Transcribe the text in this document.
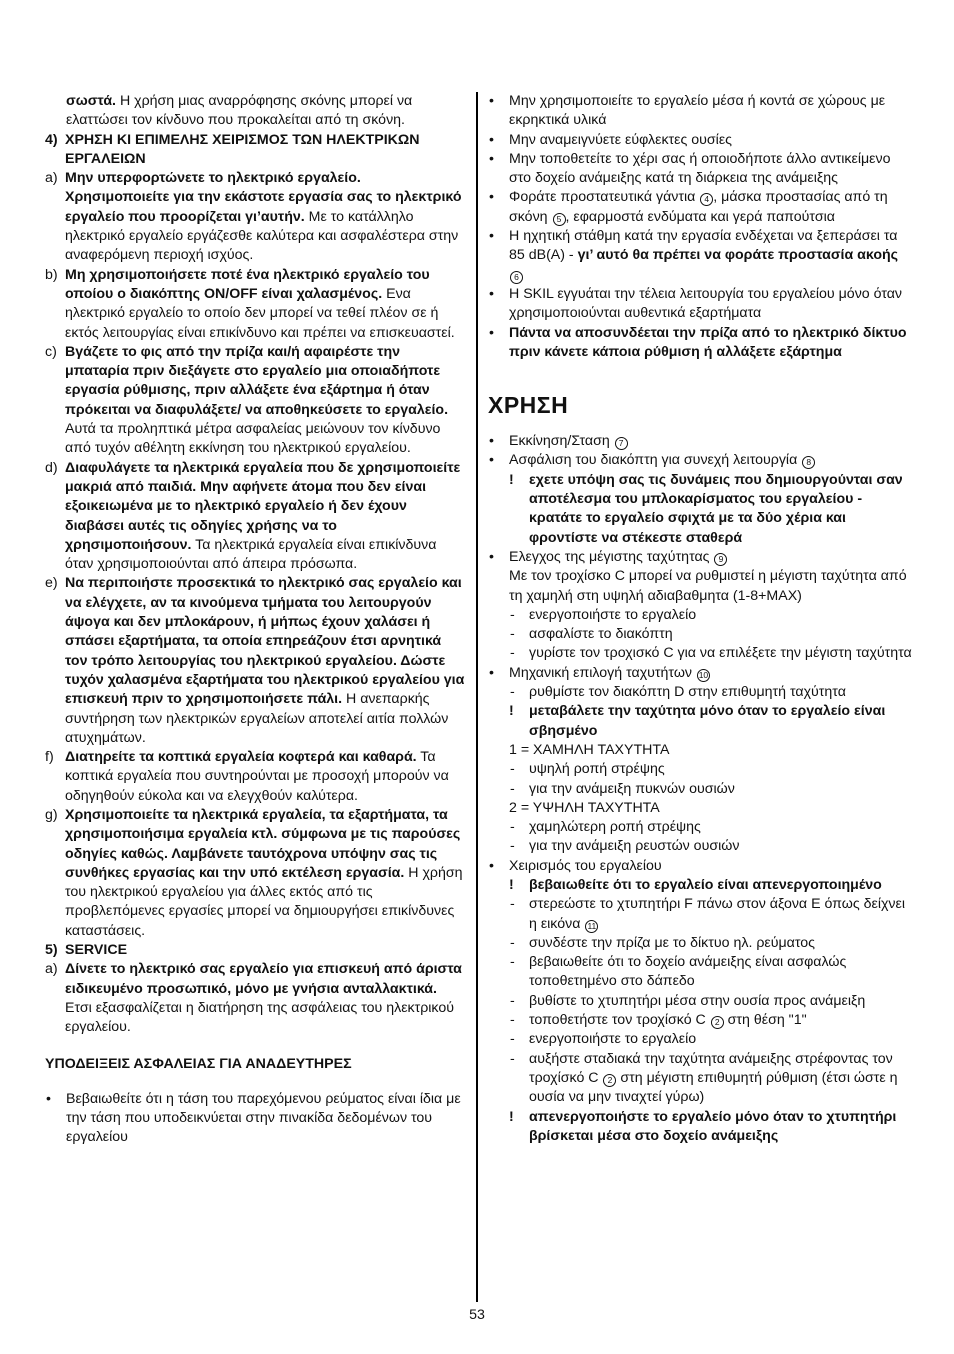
σωστά. Η χρήση μιας αναρρόφησης σκόνης μπορεί να ελαττώσει τον κίνδυνο που προκαλείται από τη σκόνη.
4) ΧΡΗΣΗ ΚΙ ΕΠΙΜΕΛΗΣ ΧΕΙΡΙΣΜΟΣ ΤΩΝ ΗΛΕΚΤΡΙΚΩΝ ΕΡΓΑΛΕΙΩΝ
a) Μην υπερφορτώνετε το ηλεκτρικό εργαλείο. Χρησιμοποιείτε για την εκάστοτε εργασία σας το ηλεκτρικό εργαλείο που προορίζεται γι’αυτήν. Με το κατάλληλο ηλεκτρικό εργαλείο εργάζεσθε καλύτερα και ασφαλέστερα στην αναφερόμενη περιοχή ισχύος.
b) Μη χρησιμοποιήσετε ποτέ ένα ηλεκτρικό εργαλείο του οποίου ο διακόπτης ON/OFF είναι χαλασμένος. Ενα ηλεκτρικό εργαλείο το οποίο δεν μπορεί να τεθεί πλέον σε ή εκτός λειτουργίας είναι επικίνδυνο και πρέπει να επισκευαστεί.
c) Βγάζετε το φις από την πρίζα και/ή αφαιρέστε την μπαταρία πριν διεξάγετε στο εργαλείο μια οποιαδήποτε εργασία ρύθμισης, πριν αλλάξετε ένα εξάρτημα ή όταν πρόκειται να διαφυλάξετε/ να αποθηκεύσετε το εργαλείο. Αυτά τα προληπτικά μέτρα ασφαλείας μειώνουν τον κίνδυνο από τυχόν αθέλητη εκκίνηση του ηλεκτρικού εργαλείου.
d) Διαφυλάγετε τα ηλεκτρικά εργαλεία που δε χρησιμοποιείτε μακριά από παιδιά. Μην αφήνετε άτομα που δεν είναι εξοικειωμένα με το ηλεκτρικό εργαλείο ή δεν έχουν διαβάσει αυτές τις οδηγίες χρήσης να το χρησιμοποιήσουν. Τα ηλεκτρικά εργαλεία είναι επικίνδυνα όταν χρησιμοποιούνται από άπειρα πρόσωπα.
e) Να περιποιήστε προσεκτικά το ηλεκτρικό σας εργαλείο και να ελέγχετε, αν τα κινούμενα τμήματα του λειτουργούν άψογα και δεν μπλοκάρουν, ή μήπως έχουν χαλάσει ή σπάσει εξαρτήματα, τα οποία επηρεάζουν έτσι αρνητικά τον τρόπο λειτουργίας του ηλεκτρικού εργαλείου. Δώστε τυχόν χαλασμένα εξαρτήματα του ηλεκτρικού εργαλείου για επισκευή πριν το χρησιμοποιήσετε πάλι. Η ανεπαρκής συντήρηση των ηλεκτρικών εργαλείων αποτελεί αιτία πολλών ατυχημάτων.
f) Διατηρείτε τα κοπτικά εργαλεία κοφτερά και καθαρά. Τα κοπτικά εργαλεία που συντηρούνται με προσοχή μπορούν να οδηγηθούν εύκολα και να ελεγχθούν καλύτερα.
g) Χρησιμοποιείτε τα ηλεκτρικά εργαλεία, τα εξαρτήματα, τα χρησιμοποιήσιμα εργαλεία κτλ. σύμφωνα με τις παρούσες οδηγίες καθώς. Λαμβάνετε ταυτόχρονα υπόψην σας τις συνθήκες εργασίας και την υπό εκτέλεση εργασία. Η χρήση του ηλεκτρικού εργαλείου για άλλες εκτός από τις προβλεπόμενες εργασίες μπορεί να δημιουργήσει επικίνδυνες καταστάσεις.
5) SERVICE
a) Δίνετε το ηλεκτρικό σας εργαλείο για επισκευή από άριστα ειδικευμένο προσωπικό, μόνο με γνήσια ανταλλακτικά. Ετσι εξασφαλίζεται η διατήρηση της ασφάλειας του ηλεκτρικού εργαλείου.
ΥΠΟΔΕΙΞΕΙΣ ΑΣΦΑΛΕΙΑΣ ΓΙΑ ΑΝΑΔΕΥΤΗΡΕΣ
• Βεβαιωθείτε ότι η τάση του παρεχόμενου ρεύματος είναι ίδια με την τάση που υποδεικνύεται στην πινακίδα δεδομένων του εργαλείου
• Μην χρησιμοποιείτε το εργαλείο μέσα ή κοντά σε χώρους με εκρηκτικά υλικά
• Μην αναμειγνύετε εύφλεκτες ουσίες
• Μην τοποθετείτε το χέρι σας ή οποιοδήποτε άλλο αντικείμενο στο δοχείο ανάμειξης κατά τη διάρκεια της ανάμειξης
• Φοράτε προστατευτικά γάντια 4 , μάσκα προστασίας από τη σκόνη 5 , εφαρμοστά ενδύματα και γερά παπούτσια
• Η ηχητική στάθμη κατά την εργασία ενδέχεται να ξεπεράσει τα 85 dB(A) - γι’ αυτό θα πρέπει να φοράτε προστασία ακοής 6
• Η SKIL εγγυάται την τέλεια λειτουργία του εργαλείου μόνο όταν χρησιμοποιούνται αυθεντικά εξαρτήματα
• Πάντα να αποσυνδέεται την πρίζα από το ηλεκτρικό δίκτυο πριν κάνετε κάποια ρύθμιση ή αλλάξετε εξάρτημα
ΧΡΗΣΗ
• Εκκίνηση/Σταση 7
• Ασφάλιση του διακόπτη για συνεχή λειτουργία 8
! εχετε υπόψη σας τις δυνάμεις που δημιουργούνται σαν αποτέλεσμα του μπλοκαρίσματος του εργαλείου - κρατάτε το εργαλείο σφιχτά με τα δύο χέρια και φροντίστε να στέκεστε σταθερά
• Ελεγχος της μέγιστης ταχύτητας 9
Με τον τροχίσκο C μπορεί να ρυθμιστεί η μέγιστη ταχύτητα από τη χαμηλή στη υψηλή αδιαβαθμητα (1-8+MAX)
- ενεργοποιήστε το εργαλείο
- ασφαλίστε το διακόπτη
- γυρίστε τον τροχισκό C για να επιλέξετε την μέγιστη ταχύτητα
• Μηχανική επιλογή ταχυτήτων 10
- ρυθμίστε τον διακόπτη D στην επιθυμητή ταχύτητα
! μεταβάλετε την ταχύτητα μόνο όταν το εργαλείο είναι σβησμένο
1 = ΧΑΜΗΛΗ ΤΑΧΥΤΗΤΑ
- υψηλή ροπή στρέψης
- για την ανάμειξη πυκνών ουσιών
2 = ΥΨΗΛΗ ΤΑΧΥΤΗΤΑ
- χαμηλώτερη ροπή στρέψης
- για την ανάμειξη ρευστών ουσιών
• Χειρισμός του εργαλείου
! βεβαιωθείτε ότι το εργαλείο είναι απενεργοποιημένο
- στερεώστε το χτυπητήρι F πάνω στον άξονα E όπως δείχνει η εικόνα 11
- συνδέστε την πρίζα με το δίκτυο ηλ. ρεύματος
- βεβαιωθείτε ότι το δοχείο ανάμειξης είναι ασφαλώς τοποθετημένο στο δάπεδο
- βυθίστε το χτυπητήρι μέσα στην ουσία προς ανάμειξη
- τοποθετήστε τον τροχίσκό C 2 στη θέση "1"
- ενεργοποιήστε το εργαλείο
- αυξήστε σταδιακά την ταχύτητα ανάμειξης στρέφοντας τον τροχίσκό C 2 στη μέγιστη επιθυμητή ρύθμιση (έτσι ώστε η ουσία να μην τιναχτεί γύρω)
! απενεργοποιήστε το εργαλείο μόνο όταν το χτυπητήρι βρίσκεται μέσα στο δοχείο ανάμειξης
53
